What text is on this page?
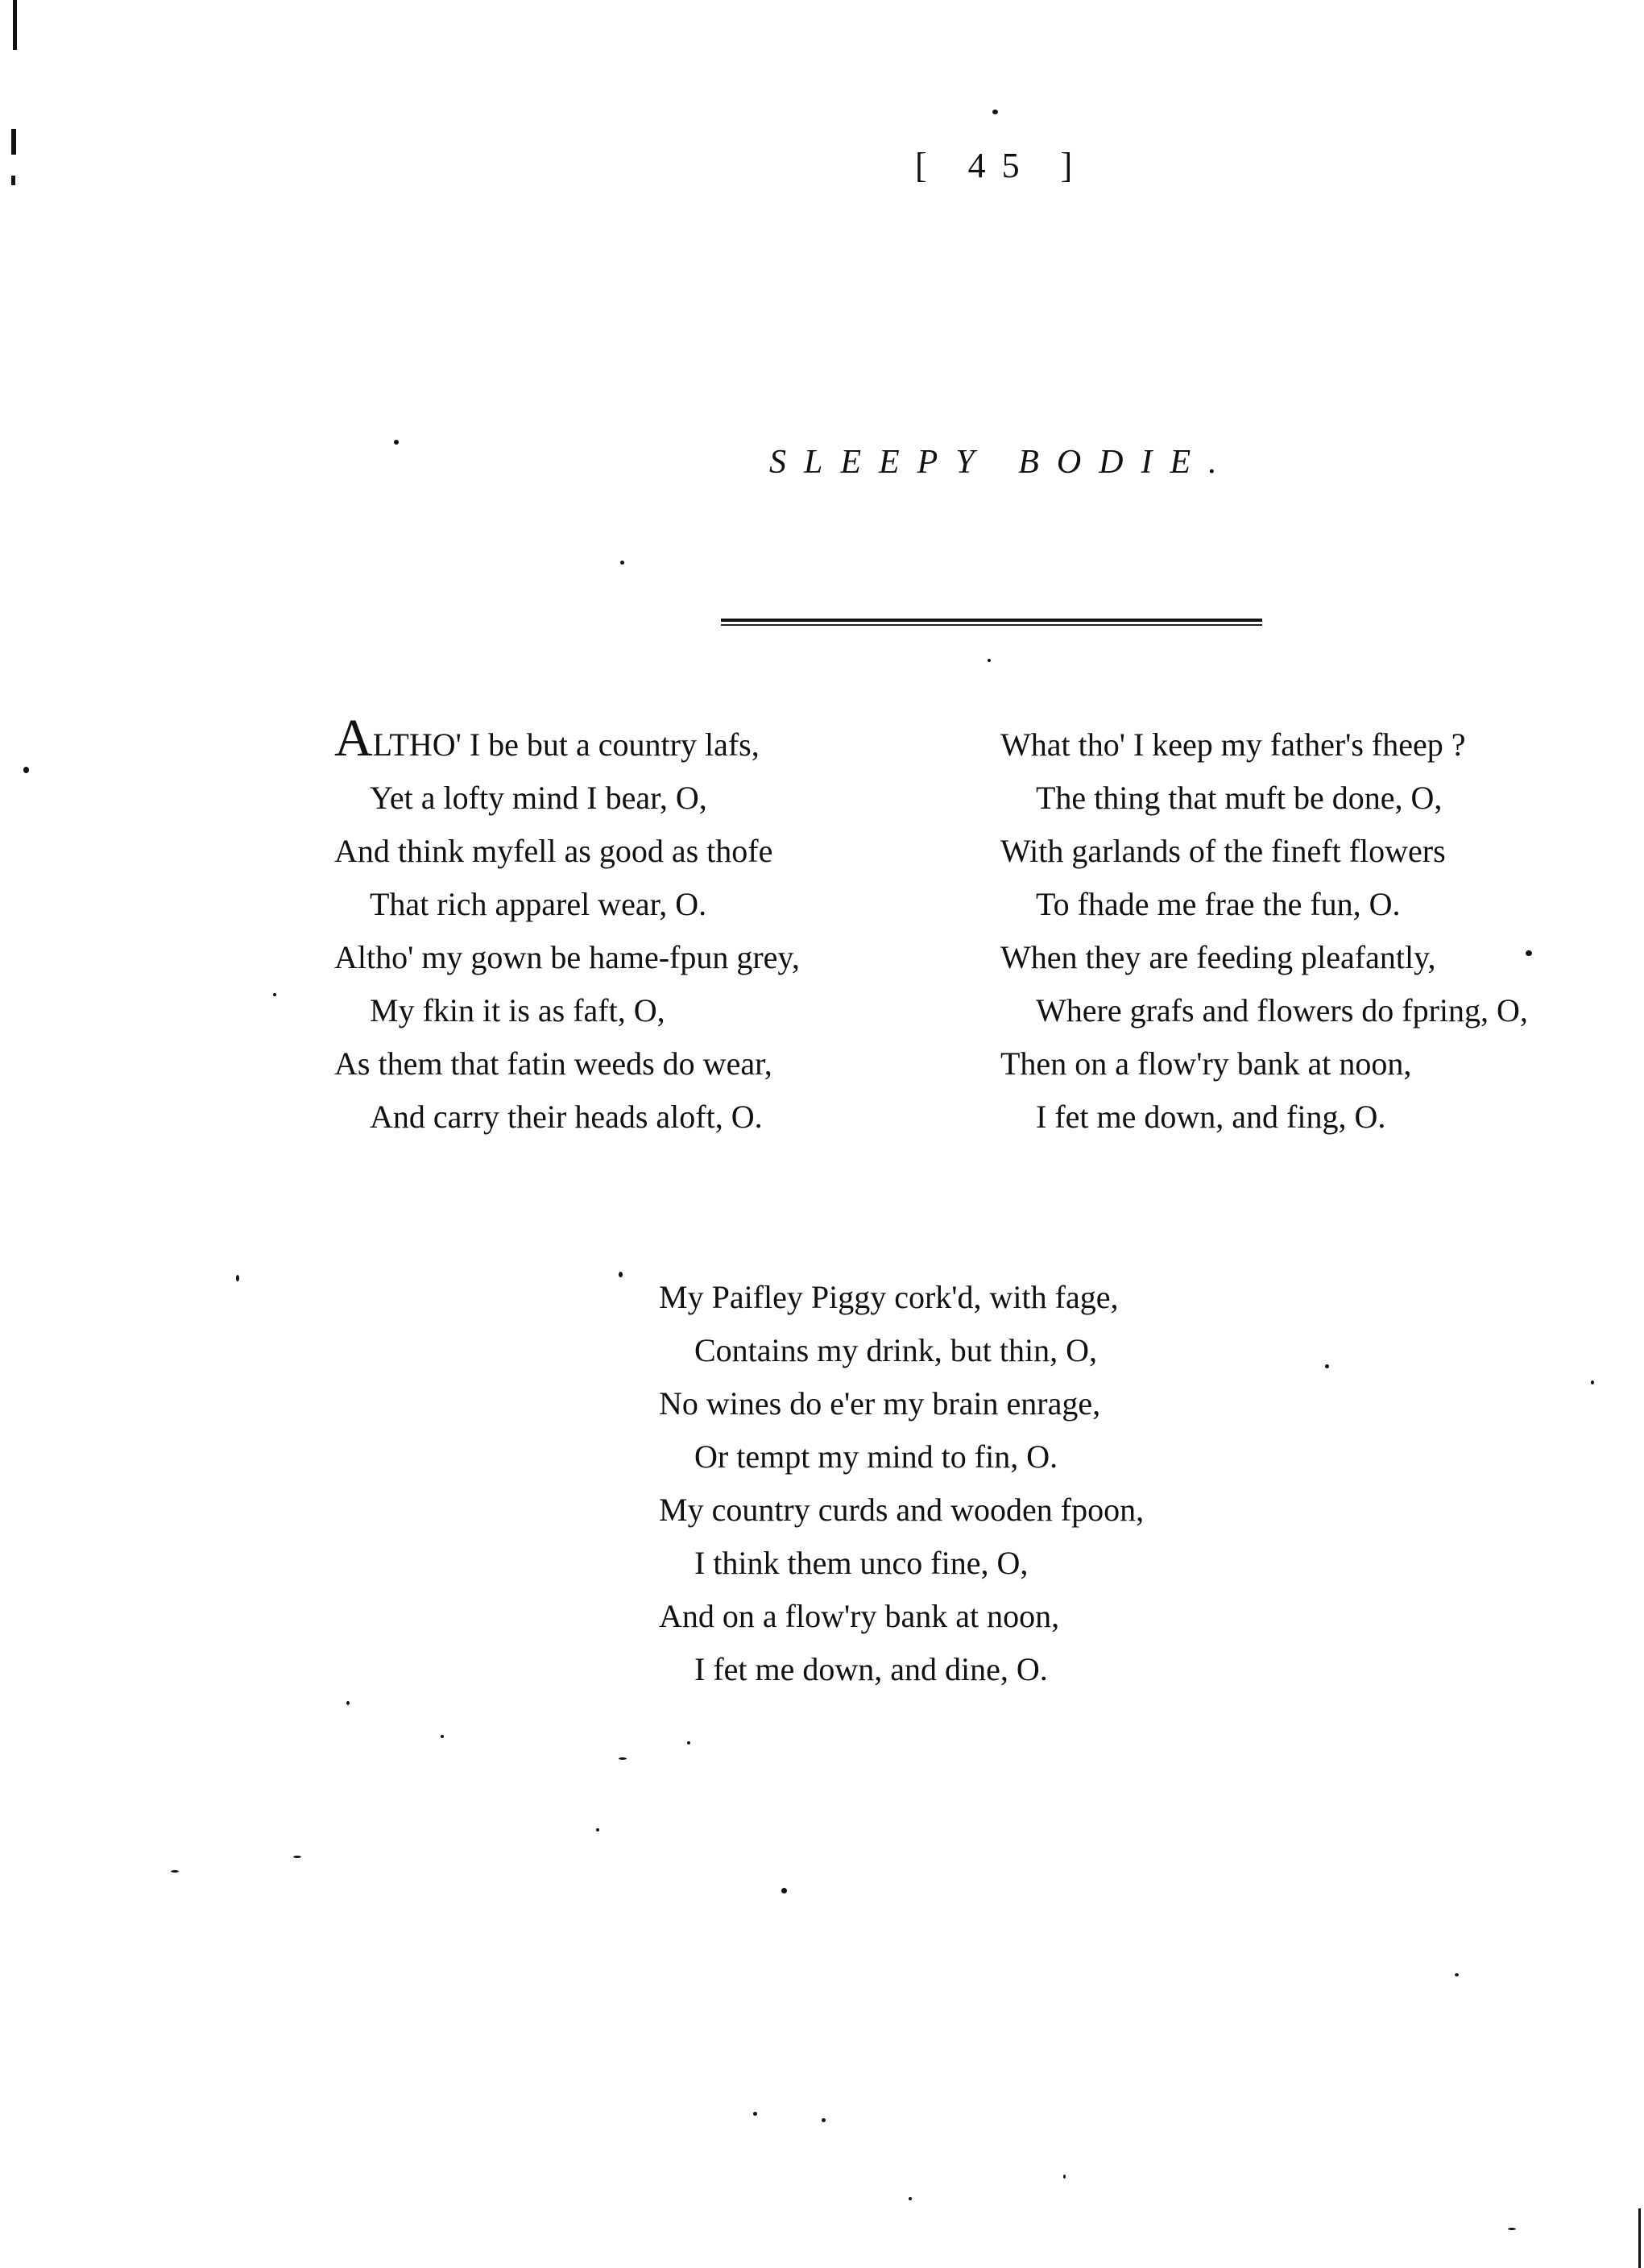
[ 45 ]
SLEEPY BODIE.
ALTHO' I be but a country lafs,
Yet a lofty mind I bear, O,
And think myfell as good as thofe
That rich apparel wear, O.
Altho' my gown be hame-fpun grey,
My fkin it is as faft, O,
As them that fatin weeds do wear,
And carry their heads aloft, O.
What tho' I keep my father's fheep ?
The thing that muft be done, O,
With garlands of the fineft flowers
To fhade me frae the fun, O.
When they are feeding pleafantly,
Where grafs and flowers do fpring, O,
Then on a flow'ry bank at noon,
I fet me down, and fing, O.
My Paifley Piggy cork'd, with fage,
Contains my drink, but thin, O,
No wines do e'er my brain enrage,
Or tempt my mind to fin, O.
My country curds and wooden fpoon,
I think them unco fine, O,
And on a flow'ry bank at noon,
I fet me down, and dine, O.
